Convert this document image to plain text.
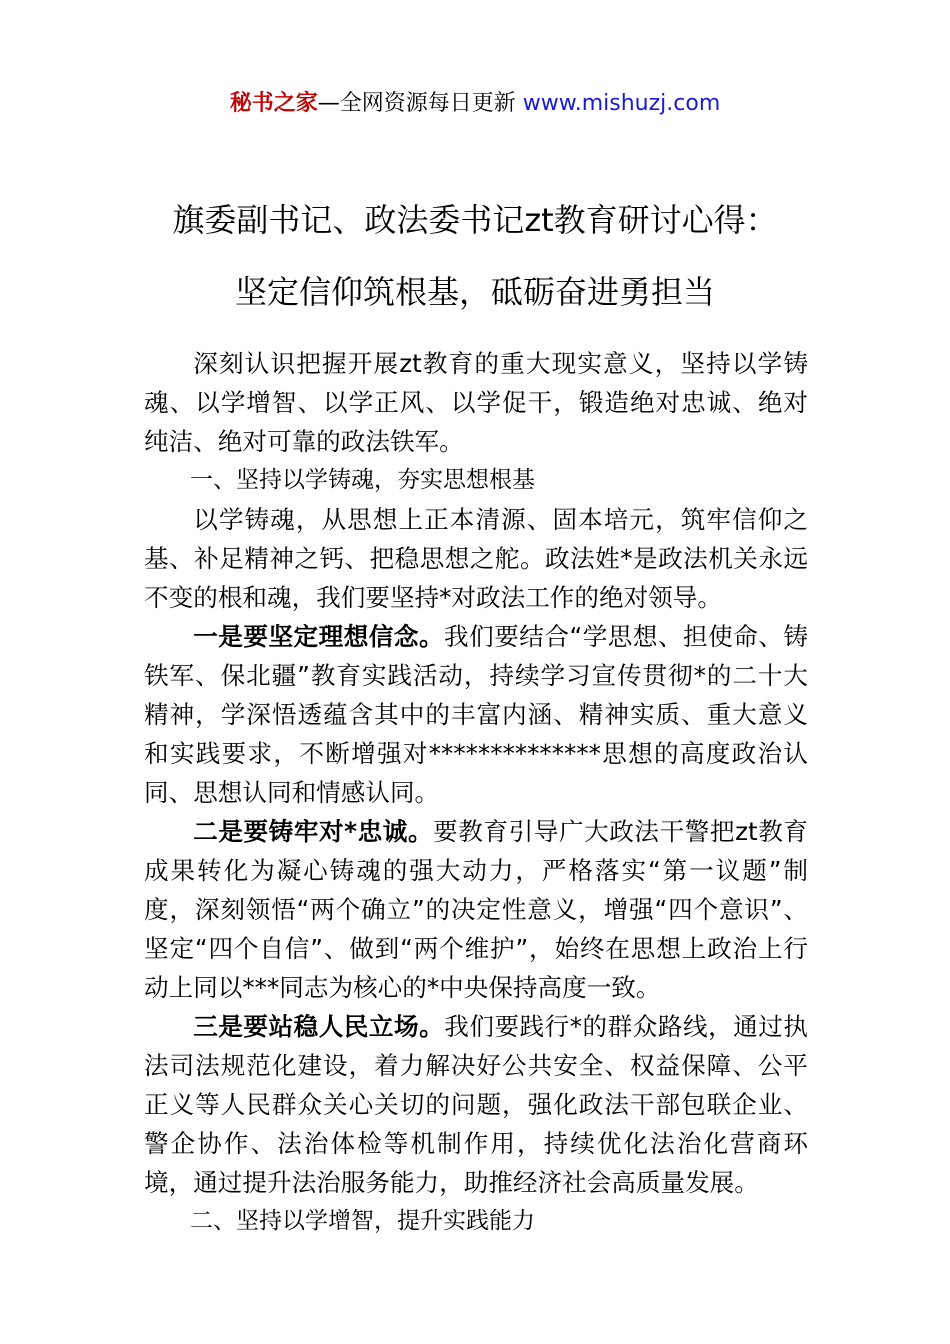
秘书之家—全网资源每日更新 www.mishuzj.com
旗委副书记、政法委书记zt教育研讨心得：
坚定信仰筑根基，砥砺奋进勇担当

深刻认识把握开展zt教育的重大现实意义，坚持以学铸魂、以学增智、以学正风、以学促干，锻造绝对忠诚、绝对纯洁、绝对可靠的政法铁军。

一、坚持以学铸魂，夯实思想根基

以学铸魂，从思想上正本清源、固本培元，筑牢信仰之基、补足精神之钙、把稳思想之舵。政法姓*是政法机关永远不变的根和魂，我们要坚持*对政法工作的绝对领导。

一是要坚定理想信念。我们要结合“学思想、担使命、铸铁军、保北疆”教育实践活动，持续学习宣传贯彻*的二十大精神，学深悟透蕴含其中的丰富内涵、精神实质、重大意义和实践要求，不断增强对**************思想的高度政治认同、思想认同和情感认同。

二是要铸牢对*忠诚。要教育引导广大政法干警把zt教育成果转化为凝心铸魂的强大动力，严格落实“第一议题”制度，深刻领悟“两个确立”的决定性意义，增强“四个意识”、坚定“四个自信”、做到“两个维护”，始终在思想上政治上行动上同以***同志为核心的*中央保持高度一致。

三是要站稳人民立场。我们要践行*的群众路线，通过执法司法规范化建设，着力解决好公共安全、权益保障、公平正义等人民群众关心关切的问题，强化政法干部包联企业、警企协作、法治体检等机制作用，持续优化法治化营商环境，通过提升法治服务能力，助推经济社会高质量发展。

二、坚持以学增智，提升实践能力
